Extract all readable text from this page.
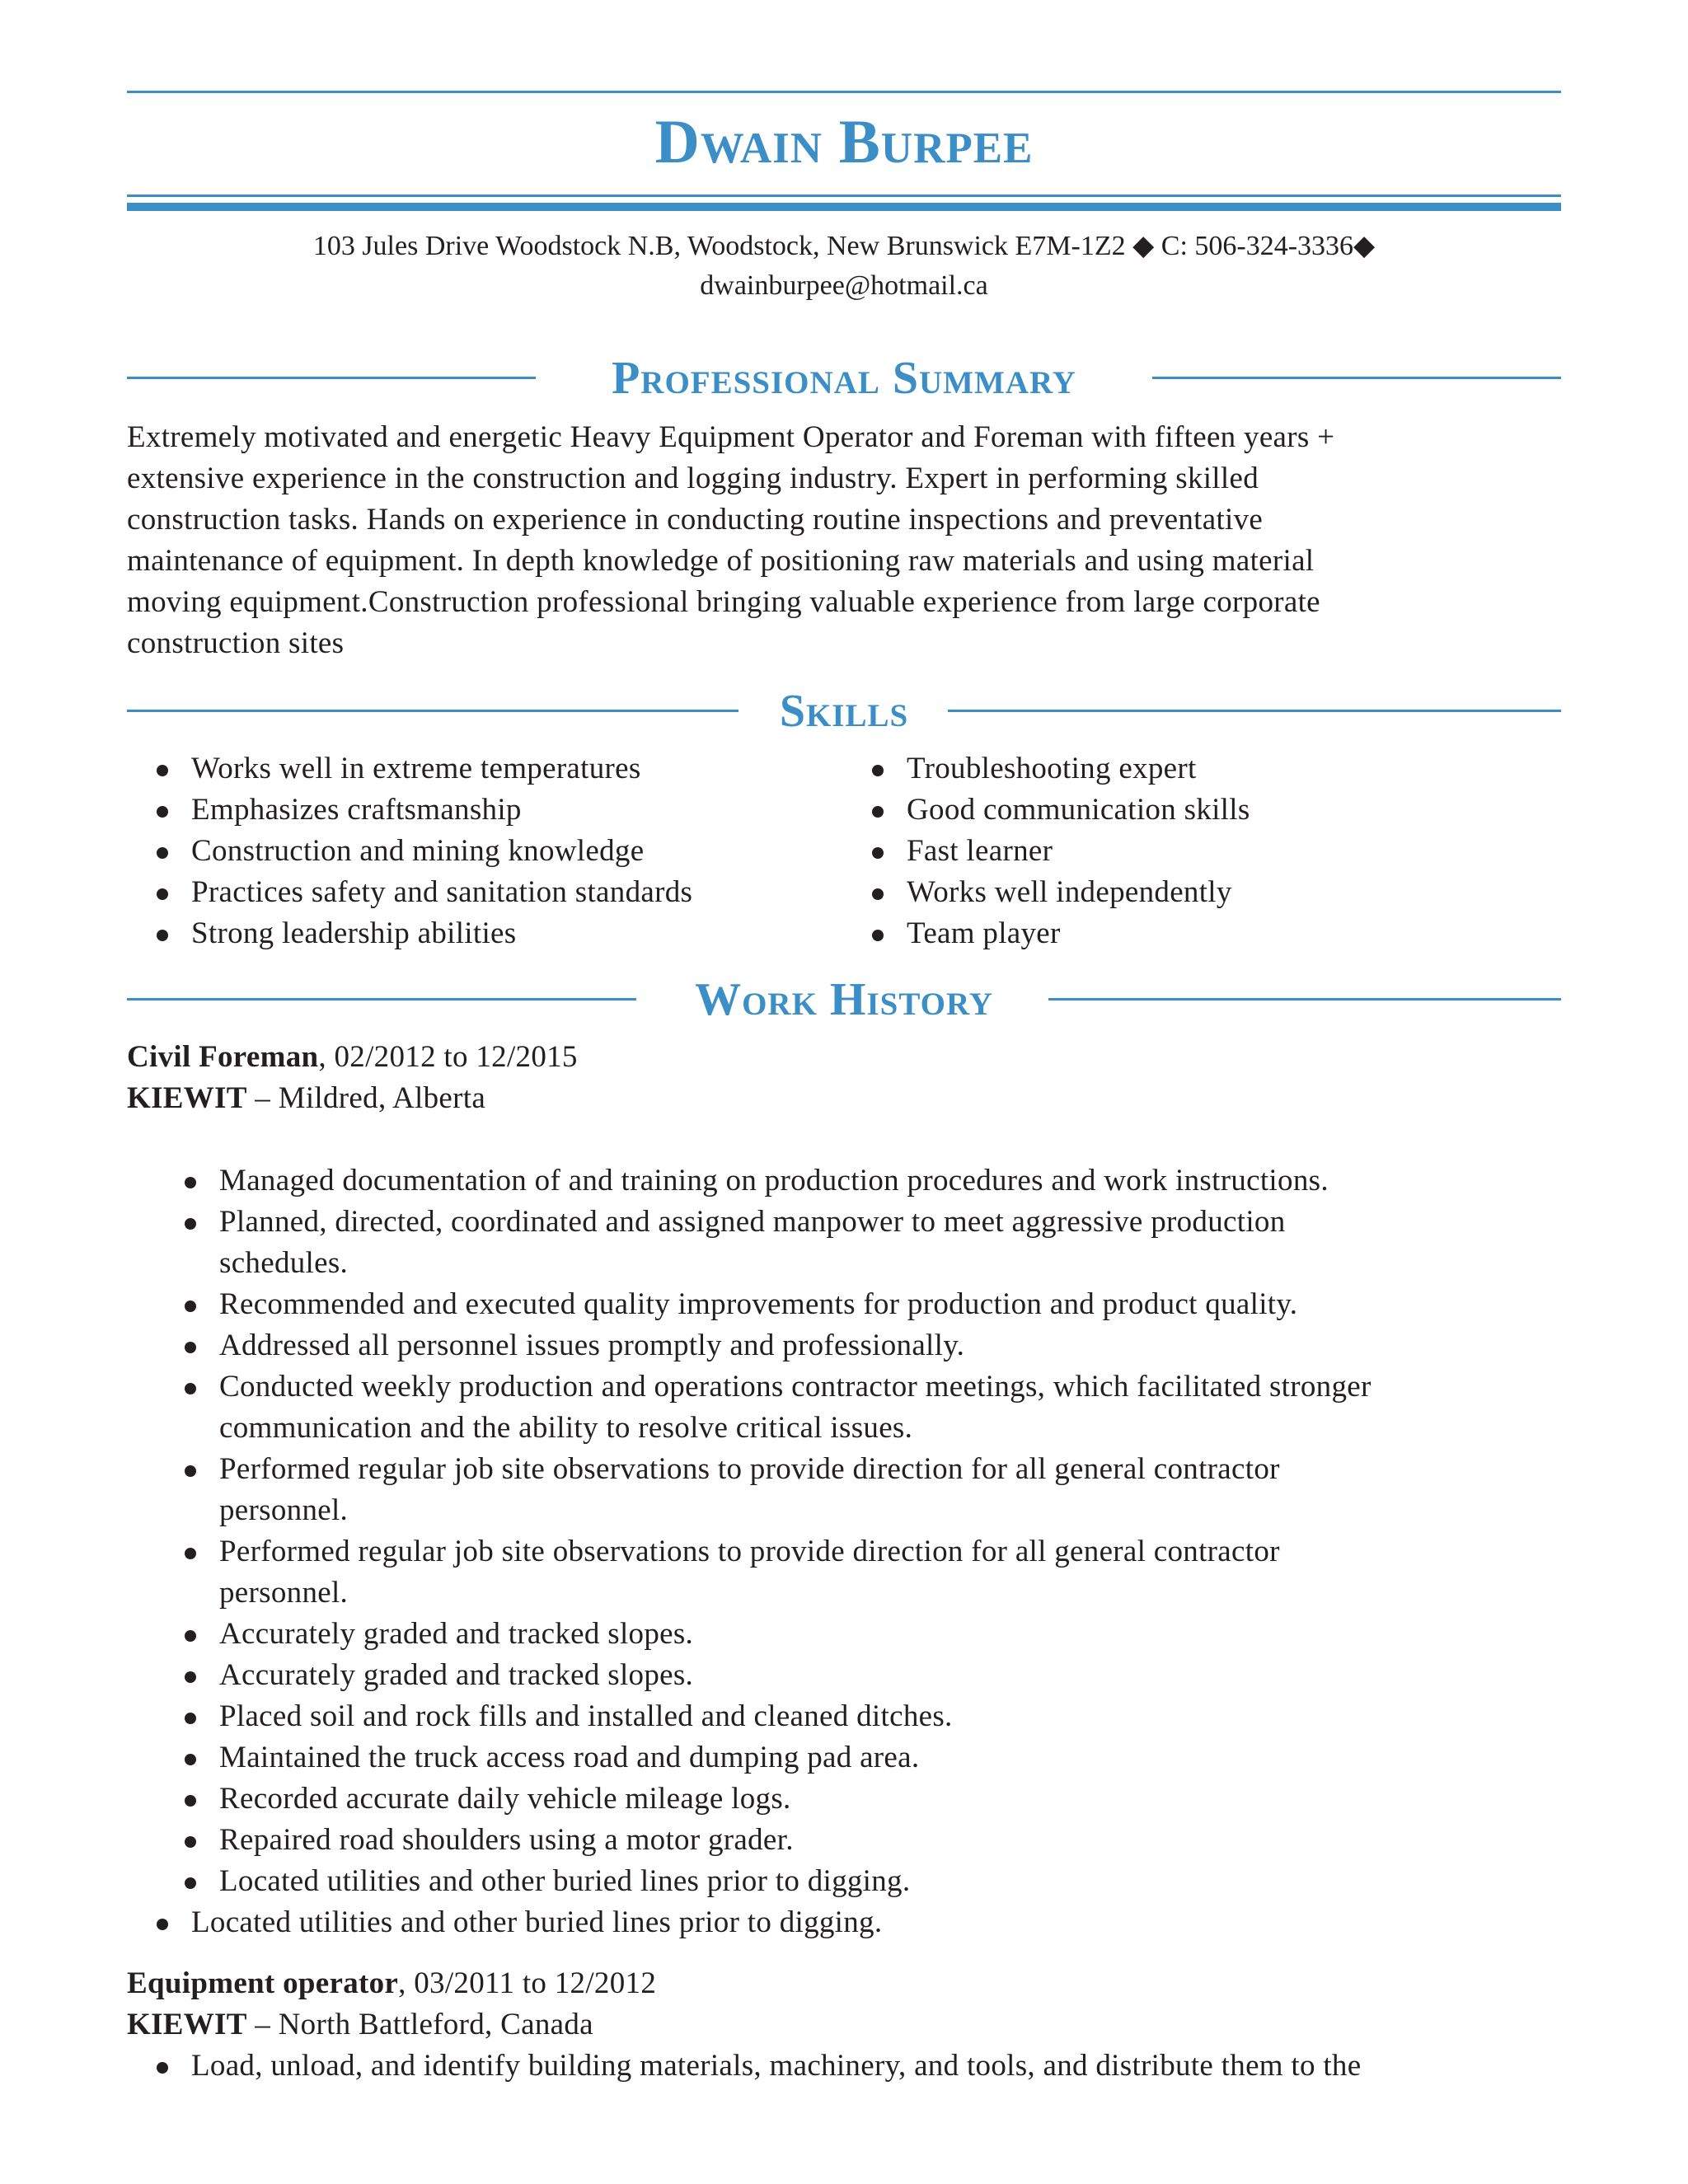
Dwain Burpee
103 Jules Drive Woodstock N.B, Woodstock, New Brunswick E7M-1Z2 ◆ C: 506-324-3336◆
dwainburpee@hotmail.ca
Professional Summary
Extremely motivated and energetic Heavy Equipment Operator and Foreman with fifteen years +
extensive experience in the construction and logging industry. Expert in performing skilled
construction tasks. Hands on experience in conducting routine inspections and preventative
maintenance of equipment. In depth knowledge of positioning raw materials and using material
moving equipment.Construction professional bringing valuable experience from large corporate
construction sites
Skills
Works well in extreme temperatures
Emphasizes craftsmanship
Construction and mining knowledge
Practices safety and sanitation standards
Strong leadership abilities
Troubleshooting expert
Good communication skills
Fast learner
Works well independently
Team player
Work History
Civil Foreman, 02/2012 to 12/2015
KIEWIT – Mildred, Alberta
Managed documentation of and training on production procedures and work instructions.
Planned, directed, coordinated and assigned manpower to meet aggressive production
schedules.
Recommended and executed quality improvements for production and product quality.
Addressed all personnel issues promptly and professionally.
Conducted weekly production and operations contractor meetings, which facilitated stronger
communication and the ability to resolve critical issues.
Performed regular job site observations to provide direction for all general contractor
personnel.
Performed regular job site observations to provide direction for all general contractor
personnel.
Accurately graded and tracked slopes.
Accurately graded and tracked slopes.
Placed soil and rock fills and installed and cleaned ditches.
Maintained the truck access road and dumping pad area.
Recorded accurate daily vehicle mileage logs.
Repaired road shoulders using a motor grader.
Located utilities and other buried lines prior to digging.
Located utilities and other buried lines prior to digging.
Equipment operator, 03/2011 to 12/2012
KIEWIT – North Battleford, Canada
Load, unload, and identify building materials, machinery, and tools, and distribute them to the
